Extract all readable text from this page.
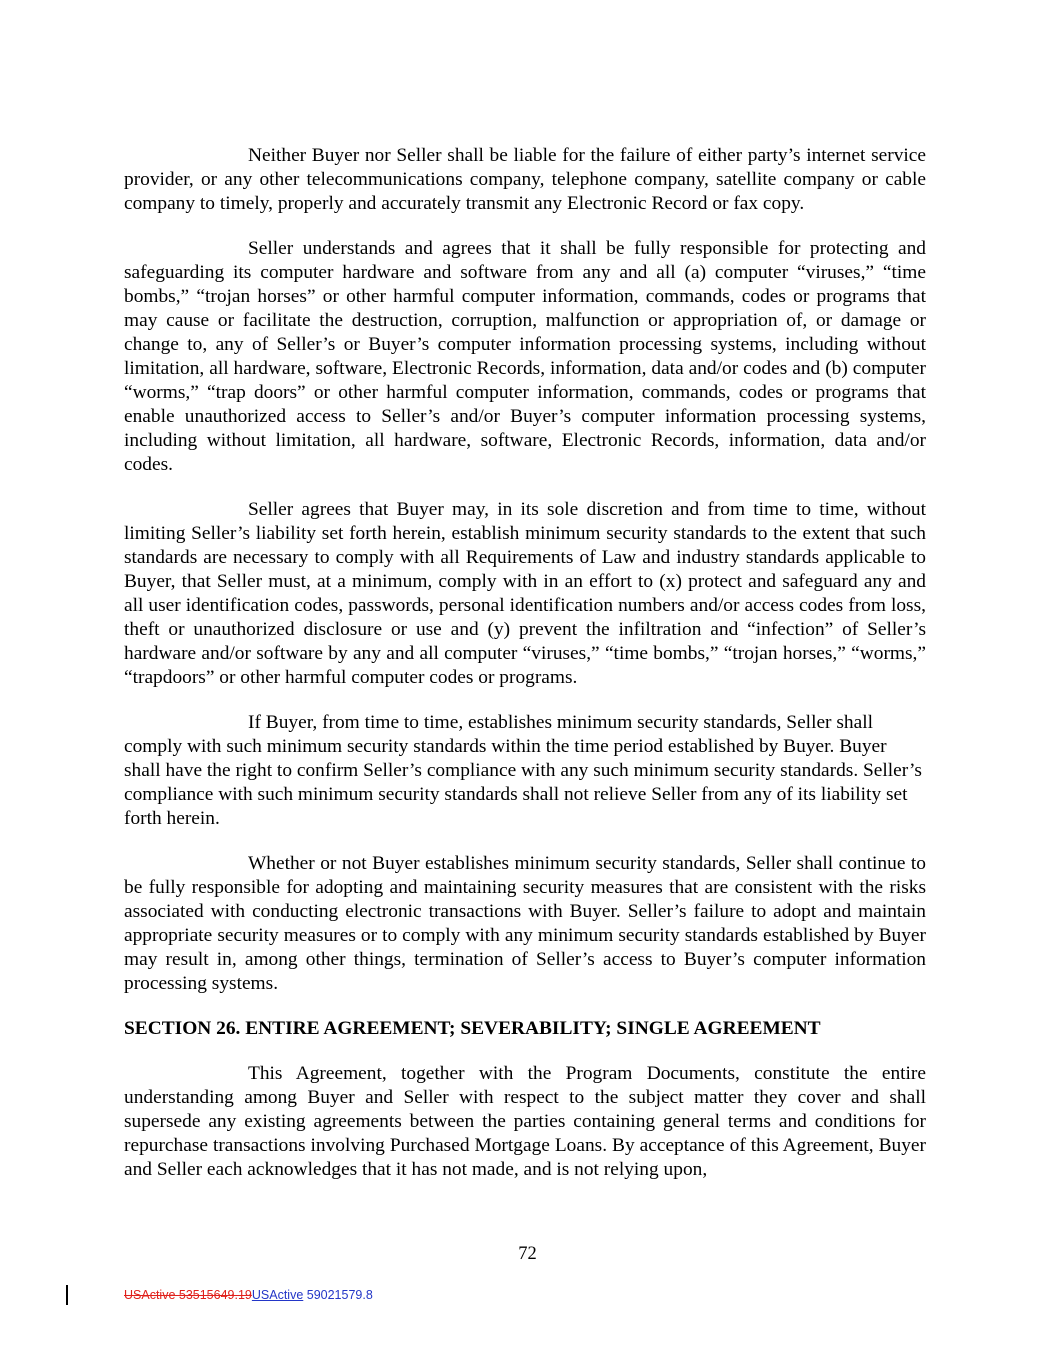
Neither Buyer nor Seller shall be liable for the failure of either party’s internet service provider, or any other telecommunications company, telephone company, satellite company or cable company to timely, properly and accurately transmit any Electronic Record or fax copy.

Seller understands and agrees that it shall be fully responsible for protecting and safeguarding its computer hardware and software from any and all (a) computer “viruses,” “time bombs,” “trojan horses” or other harmful computer information, commands, codes or programs that may cause or facilitate the destruction, corruption, malfunction or appropriation of, or damage or change to, any of Seller’s or Buyer’s computer information processing systems, including without limitation, all hardware, software, Electronic Records, information, data and/or codes and (b) computer “worms,” “trap doors” or other harmful computer information, commands, codes or programs that enable unauthorized access to Seller’s and/or Buyer’s computer information processing systems, including without limitation, all hardware, software, Electronic Records, information, data and/or codes.

Seller agrees that Buyer may, in its sole discretion and from time to time, without limiting Seller’s liability set forth herein, establish minimum security standards to the extent that such standards are necessary to comply with all Requirements of Law and industry standards applicable to Buyer, that Seller must, at a minimum, comply with in an effort to (x) protect and safeguard any and all user identification codes, passwords, personal identification numbers and/or access codes from loss, theft or unauthorized disclosure or use and (y) prevent the infiltration and “infection” of Seller’s hardware and/or software by any and all computer “viruses,” “time bombs,” “trojan horses,” “worms,” “trapdoors” or other harmful computer codes or programs.

If Buyer, from time to time, establishes minimum security standards, Seller shall comply with such minimum security standards within the time period established by Buyer. Buyer shall have the right to confirm Seller’s compliance with any such minimum security standards. Seller’s compliance with such minimum security standards shall not relieve Seller from any of its liability set forth herein.

Whether or not Buyer establishes minimum security standards, Seller shall continue to be fully responsible for adopting and maintaining security measures that are consistent with the risks associated with conducting electronic transactions with Buyer. Seller’s failure to adopt and maintain appropriate security measures or to comply with any minimum security standards established by Buyer may result in, among other things, termination of Seller’s access to Buyer’s computer information processing systems.

SECTION 26. ENTIRE AGREEMENT; SEVERABILITY; SINGLE AGREEMENT

This Agreement, together with the Program Documents, constitute the entire understanding among Buyer and Seller with respect to the subject matter they cover and shall supersede any existing agreements between the parties containing general terms and conditions for repurchase transactions involving Purchased Mortgage Loans. By acceptance of this Agreement, Buyer and Seller each acknowledges that it has not made, and is not relying upon,

72
USActive 53515649.19USActive 59021579.8
